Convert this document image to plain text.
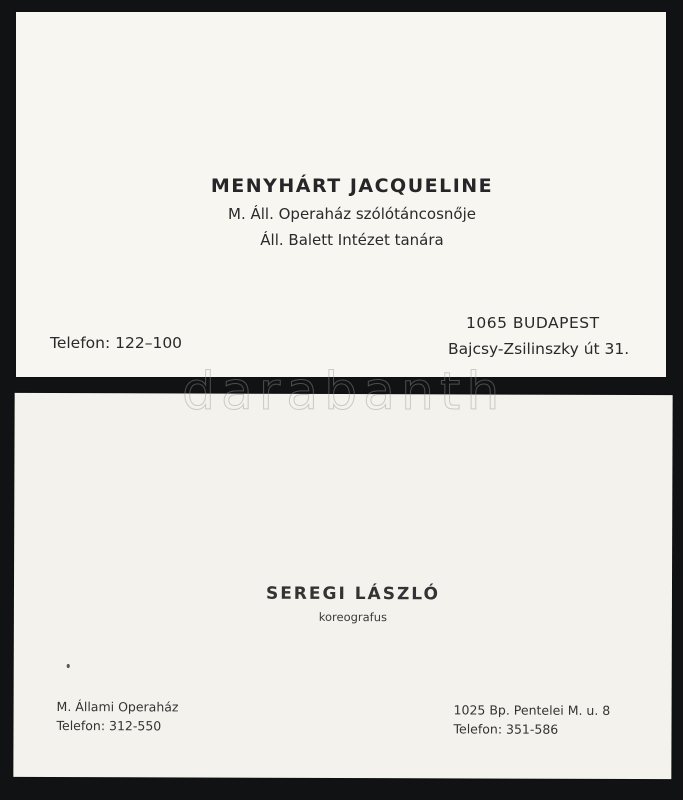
MENYHÁRT JACQUELINE
M. Áll. Operaház szólótáncosnője
Áll. Balett Intézet tanára
Telefon: 122–100
1065 BUDAPEST
Bajcsy-Zsilinszky út 31.
SEREGI LÁSZLÓ
koreografus
M. Állami Operaház
Telefon: 312-550
1025 Bp. Pentelei M. u. 8
Telefon: 351-586
darabanth
